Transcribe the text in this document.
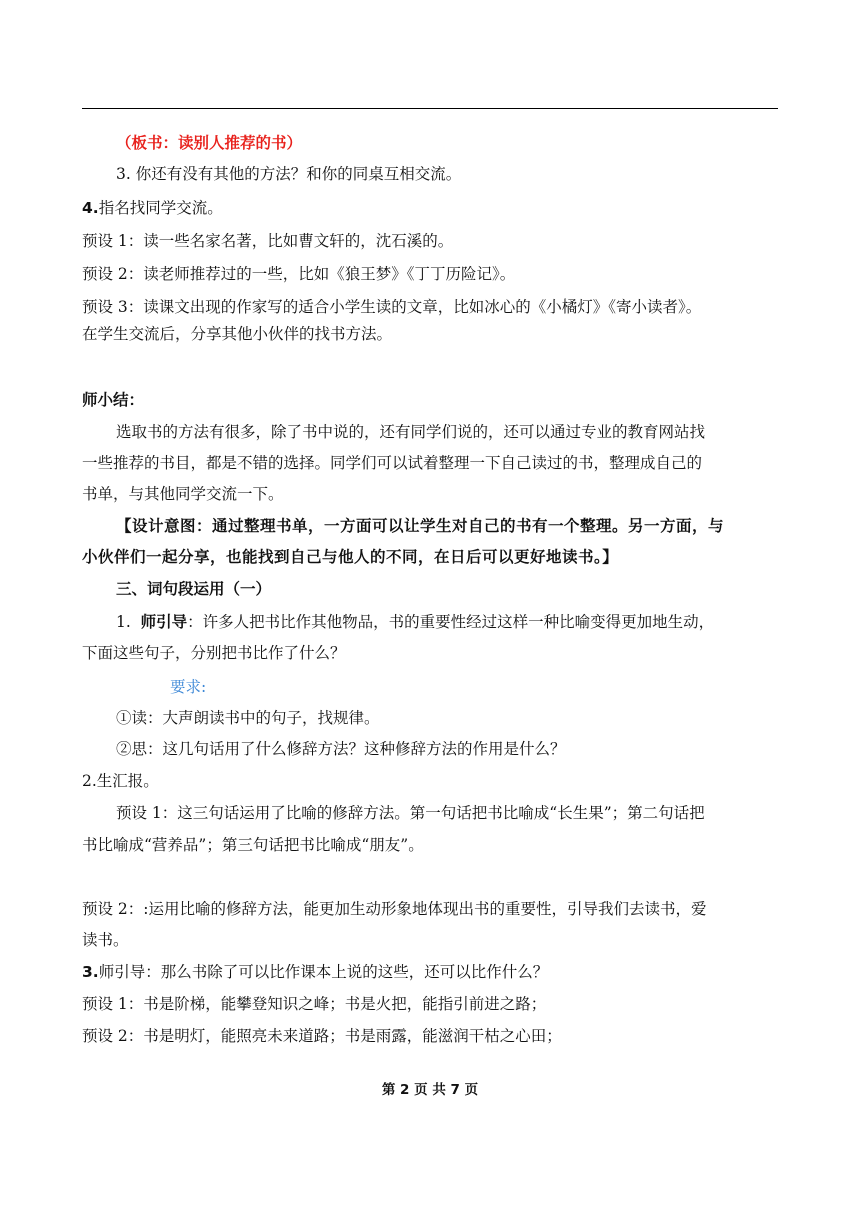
（板书：读别人推荐的书）
3. 你还有没有其他的方法？和你的同桌互相交流。
4.指名找同学交流。
预设 1：读一些名家名著，比如曹文轩的，沈石溪的。
预设 2：读老师推荐过的一些，比如《狼王梦》《丁丁历险记》。
预设 3：读课文出现的作家写的适合小学生读的文章，比如冰心的《小橘灯》《寄小读者》。
在学生交流后，分享其他小伙伴的找书方法。
师小结：
选取书的方法有很多，除了书中说的，还有同学们说的，还可以通过专业的教育网站找
一些推荐的书目，都是不错的选择。同学们可以试着整理一下自己读过的书，整理成自己的
书单，与其他同学交流一下。
【设计意图：通过整理书单，一方面可以让学生对自己的书有一个整理。另一方面，与
小伙伴们一起分享，也能找到自己与他人的不同，在日后可以更好地读书。】
三、词句段运用（一）
1. 师引导：许多人把书比作其他物品，书的重要性经过这样一种比喻变得更加地生动，
下面这些句子，分别把书比作了什么？
要求:
①读：大声朗读书中的句子，找规律。
②思：这几句话用了什么修辞方法？这种修辞方法的作用是什么？
2.生汇报。
预设 1：这三句话运用了比喻的修辞方法。第一句话把书比喻成“长生果”；第二句话把
书比喻成“营养品”；第三句话把书比喻成“朋友”。
预设 2：:运用比喻的修辞方法，能更加生动形象地体现出书的重要性，引导我们去读书，爱
读书。
3.师引导：那么书除了可以比作课本上说的这些，还可以比作什么？
预设 1：书是阶梯，能攀登知识之峰；书是火把，能指引前进之路；
预设 2：书是明灯，能照亮未来道路；书是雨露，能滋润干枯之心田；
第 2 页 共 7 页
